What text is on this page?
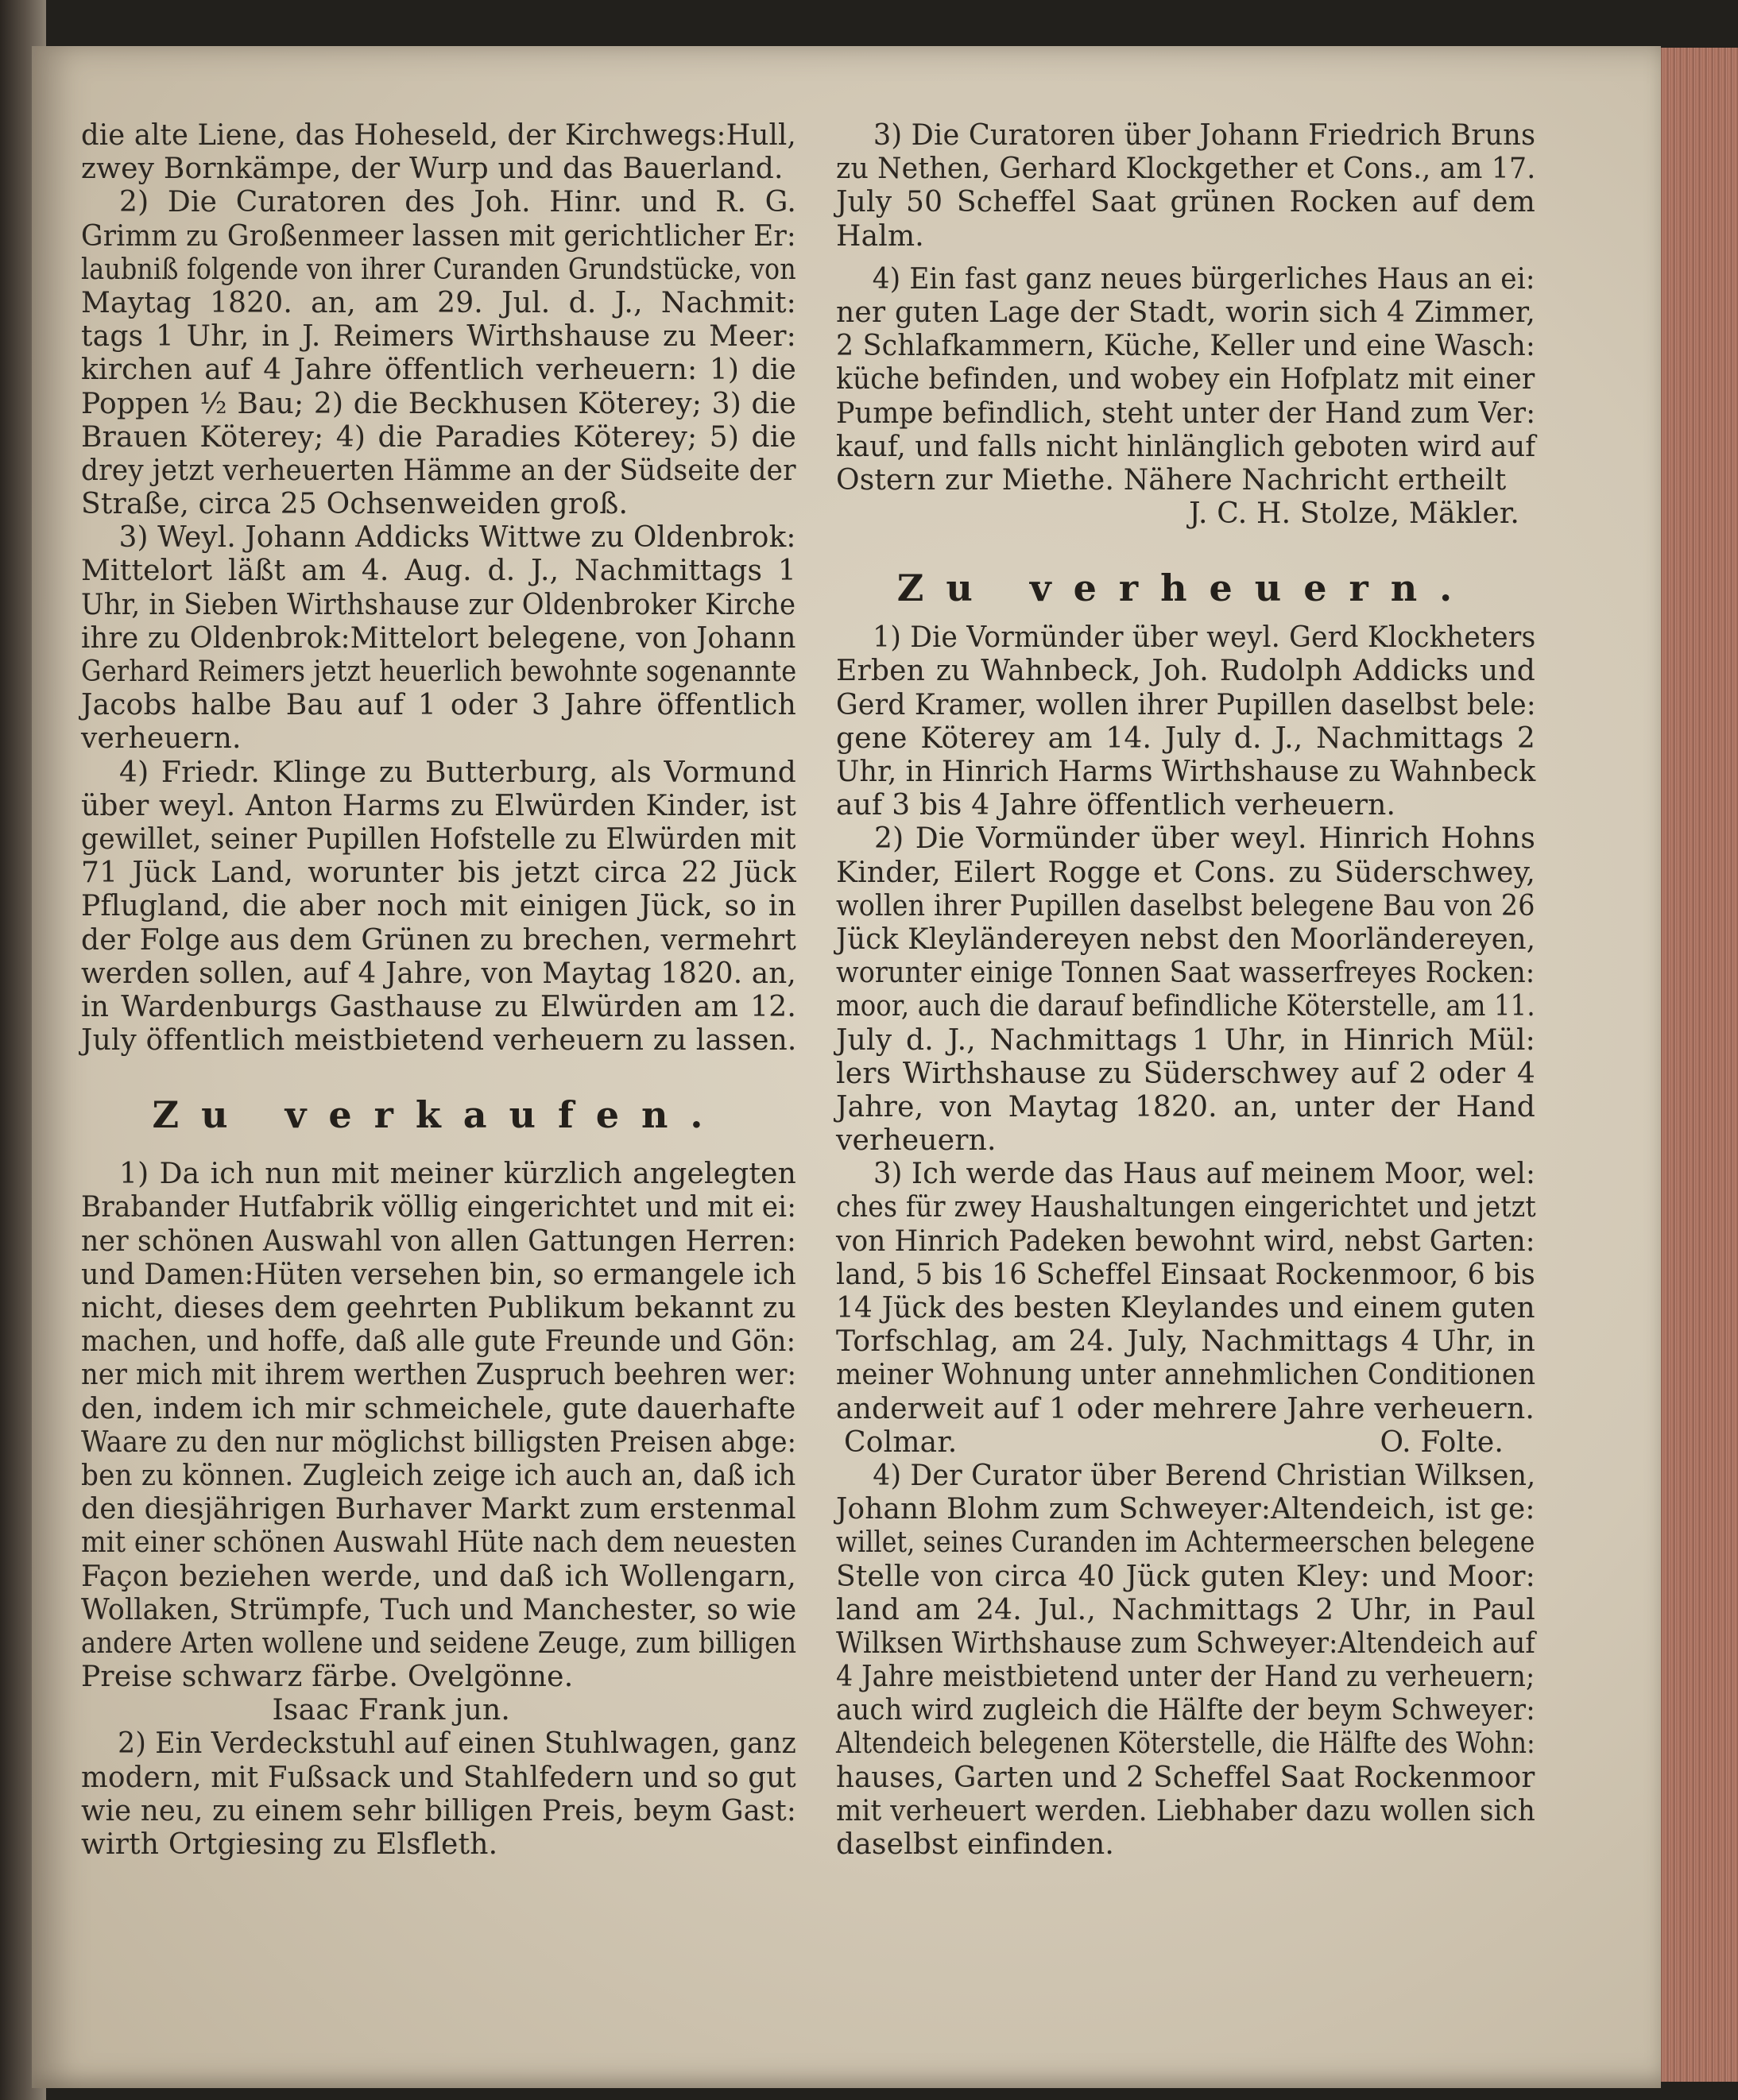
die alte Liene, das Hoheseld, der Kirchwegs:Hull,
zwey Bornkämpe, der Wurp und das Bauerland.
2) Die Curatoren des Joh. Hinr. und R. G.
Grimm zu Großenmeer lassen mit gerichtlicher Er:
laubniß folgende von ihrer Curanden Grundstücke, von
Maytag 1820. an, am 29. Jul. d. J., Nachmit:
tags 1 Uhr, in J. Reimers Wirthshause zu Meer:
kirchen auf 4 Jahre öffentlich verheuern: 1) die
Poppen ½ Bau; 2) die Beckhusen Köterey; 3) die
Brauen Köterey; 4) die Paradies Köterey; 5) die
drey jetzt verheuerten Hämme an der Südseite der
Straße, circa 25 Ochsenweiden groß.
3) Weyl. Johann Addicks Wittwe zu Oldenbrok:
Mittelort läßt am 4. Aug. d. J., Nachmittags 1
Uhr, in Sieben Wirthshause zur Oldenbroker Kirche
ihre zu Oldenbrok:Mittelort belegene, von Johann
Gerhard Reimers jetzt heuerlich bewohnte sogenannte
Jacobs halbe Bau auf 1 oder 3 Jahre öffentlich
verheuern.
4) Friedr. Klinge zu Butterburg, als Vormund
über weyl. Anton Harms zu Elwürden Kinder, ist
gewillet, seiner Pupillen Hofstelle zu Elwürden mit
71 Jück Land, worunter bis jetzt circa 22 Jück
Pflugland, die aber noch mit einigen Jück, so in
der Folge aus dem Grünen zu brechen, vermehrt
werden sollen, auf 4 Jahre, von Maytag 1820. an,
in Wardenburgs Gasthause zu Elwürden am 12.
July öffentlich meistbietend verheuern zu lassen.
Zu verkaufen.
1) Da ich nun mit meiner kürzlich angelegten
Brabander Hutfabrik völlig eingerichtet und mit ei:
ner schönen Auswahl von allen Gattungen Herren:
und Damen:Hüten versehen bin, so ermangele ich
nicht, dieses dem geehrten Publikum bekannt zu
machen, und hoffe, daß alle gute Freunde und Gön:
ner mich mit ihrem werthen Zuspruch beehren wer:
den, indem ich mir schmeichele, gute dauerhafte
Waare zu den nur möglichst billigsten Preisen abge:
ben zu können. Zugleich zeige ich auch an, daß ich
den diesjährigen Burhaver Markt zum erstenmal
mit einer schönen Auswahl Hüte nach dem neuesten
Façon beziehen werde, und daß ich Wollengarn,
Wollaken, Strümpfe, Tuch und Manchester, so wie
andere Arten wollene und seidene Zeuge, zum billigen
Preise schwarz färbe. Ovelgönne.
Isaac Frank jun.
2) Ein Verdeckstuhl auf einen Stuhlwagen, ganz
modern, mit Fußsack und Stahlfedern und so gut
wie neu, zu einem sehr billigen Preis, beym Gast:
wirth Ortgiesing zu Elsfleth.
3) Die Curatoren über Johann Friedrich Bruns
zu Nethen, Gerhard Klockgether et Cons., am 17.
July 50 Scheffel Saat grünen Rocken auf dem
Halm.
4) Ein fast ganz neues bürgerliches Haus an ei:
ner guten Lage der Stadt, worin sich 4 Zimmer,
2 Schlafkammern, Küche, Keller und eine Wasch:
küche befinden, und wobey ein Hofplatz mit einer
Pumpe befindlich, steht unter der Hand zum Ver:
kauf, und falls nicht hinlänglich geboten wird auf
Ostern zur Miethe. Nähere Nachricht ertheilt
J. C. H. Stolze, Mäkler.
Zu verheuern.
1) Die Vormünder über weyl. Gerd Klockheters
Erben zu Wahnbeck, Joh. Rudolph Addicks und
Gerd Kramer, wollen ihrer Pupillen daselbst bele:
gene Köterey am 14. July d. J., Nachmittags 2
Uhr, in Hinrich Harms Wirthshause zu Wahnbeck
auf 3 bis 4 Jahre öffentlich verheuern.
2) Die Vormünder über weyl. Hinrich Hohns
Kinder, Eilert Rogge et Cons. zu Süderschwey,
wollen ihrer Pupillen daselbst belegene Bau von 26
Jück Kleyländereyen nebst den Moorländereyen,
worunter einige Tonnen Saat wasserfreyes Rocken:
moor, auch die darauf befindliche Köterstelle, am 11.
July d. J., Nachmittags 1 Uhr, in Hinrich Mül:
lers Wirthshause zu Süderschwey auf 2 oder 4
Jahre, von Maytag 1820. an, unter der Hand
verheuern.
3) Ich werde das Haus auf meinem Moor, wel:
ches für zwey Haushaltungen eingerichtet und jetzt
von Hinrich Padeken bewohnt wird, nebst Garten:
land, 5 bis 16 Scheffel Einsaat Rockenmoor, 6 bis
14 Jück des besten Kleylandes und einem guten
Torfschlag, am 24. July, Nachmittags 4 Uhr, in
meiner Wohnung unter annehmlichen Conditionen
anderweit auf 1 oder mehrere Jahre verheuern.
Colmar.	O. Folte.
4) Der Curator über Berend Christian Wilksen,
Johann Blohm zum Schweyer:Altendeich, ist ge:
willet, seines Curanden im Achtermeerschen belegene
Stelle von circa 40 Jück guten Kley: und Moor:
land am 24. Jul., Nachmittags 2 Uhr, in Paul
Wilksen Wirthshause zum Schweyer:Altendeich auf
4 Jahre meistbietend unter der Hand zu verheuern;
auch wird zugleich die Hälfte der beym Schweyer:
Altendeich belegenen Köterstelle, die Hälfte des Wohn:
hauses, Garten und 2 Scheffel Saat Rockenmoor
mit verheuert werden. Liebhaber dazu wollen sich
daselbst einfinden.
